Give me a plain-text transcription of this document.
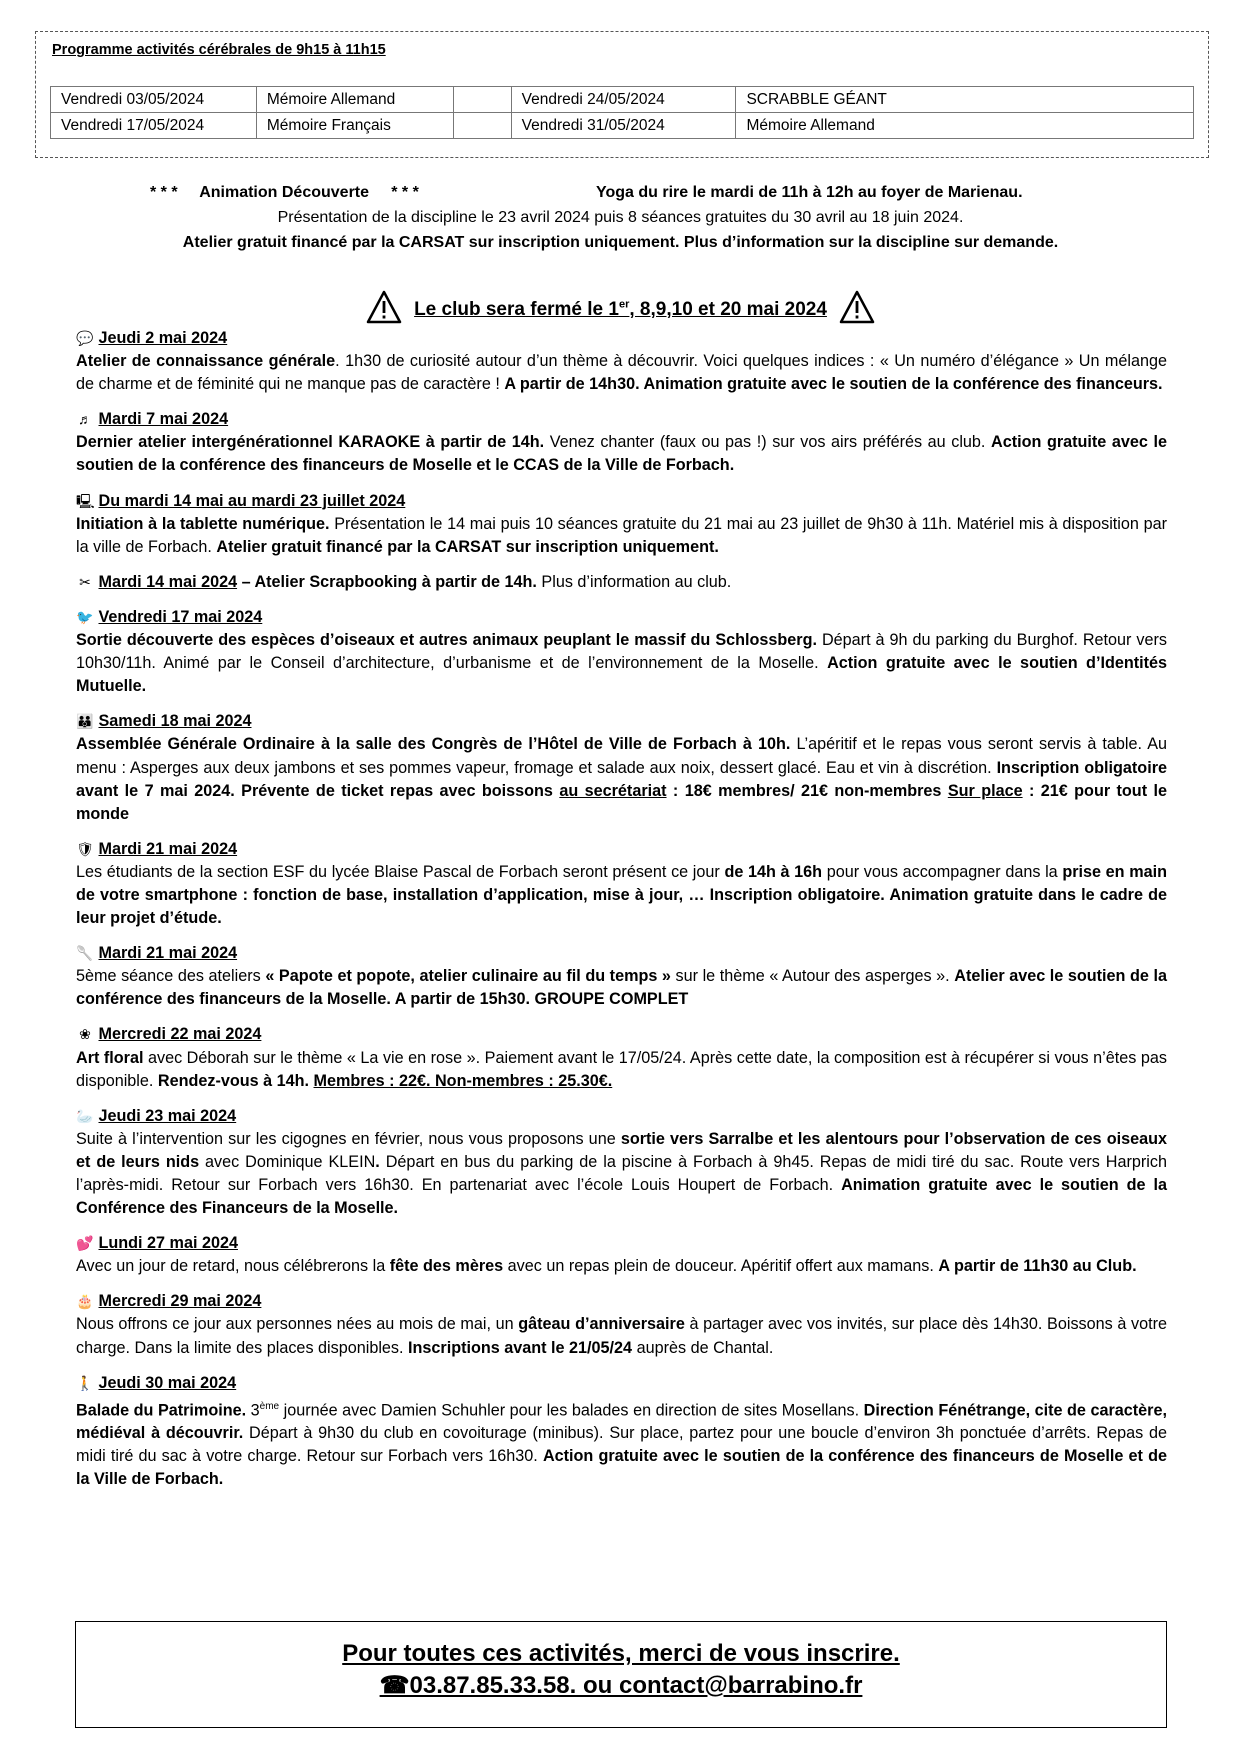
Programme activités cérébrales de 9h15 à 11h15
Vendredi 03/05/2024	Mémoire Allemand		Vendredi 24/05/2024	SCRABBLE GÉANT
Vendredi 17/05/2024	Mémoire Français		Vendredi 31/05/2024	Mémoire Allemand
* * *     Animation Découverte     * * *	Yoga du rire le mardi de 11h à 12h au foyer de Marienau.
Présentation de la discipline le 23 avril 2024 puis 8 séances gratuites du 30 avril au 18 juin 2024.
Atelier gratuit financé par la CARSAT sur inscription uniquement. Plus d’information sur la discipline sur demande.
Le club sera fermé le 1er, 8,9,10 et 20 mai 2024
💬 Jeudi 2 mai 2024
Atelier de connaissance générale. 1h30 de curiosité autour d’un thème à découvrir. Voici quelques indices : « Un numéro d’élégance » Un mélange de charme et de féminité qui ne manque pas de caractère ! A partir de 14h30. Animation gratuite avec le soutien de la conférence des financeurs.
♬ Mardi 7 mai 2024
Dernier atelier intergénérationnel KARAOKE à partir de 14h. Venez chanter (faux ou pas !) sur vos airs préférés au club. Action gratuite avec le soutien de la conférence des financeurs de Moselle et le CCAS de la Ville de Forbach.
🖳 Du mardi 14 mai au mardi 23 juillet 2024
Initiation à la tablette numérique. Présentation le 14 mai puis 10 séances gratuite du 21 mai au 23 juillet de 9h30 à 11h. Matériel mis à disposition par la ville de Forbach. Atelier gratuit financé par la CARSAT sur inscription uniquement.
✂ Mardi 14 mai 2024 – Atelier Scrapbooking à partir de 14h. Plus d’information au club.
🐦 Vendredi 17 mai 2024
Sortie découverte des espèces d’oiseaux et autres animaux peuplant le massif du Schlossberg. Départ à 9h du parking du Burghof. Retour vers 10h30/11h. Animé par le Conseil d’architecture, d’urbanisme et de l’environnement de la Moselle. Action gratuite avec le soutien d’Identités Mutuelle.
👪 Samedi 18 mai 2024
Assemblée Générale Ordinaire à la salle des Congrès de l’Hôtel de Ville de Forbach à 10h. L’apéritif et le repas vous seront servis à table. Au menu : Asperges aux deux jambons et ses pommes vapeur, fromage et salade aux noix, dessert glacé. Eau et vin à discrétion. Inscription obligatoire avant le 7 mai 2024. Prévente de ticket repas avec boissons au secrétariat : 18€ membres/ 21€ non-membres Sur place : 21€ pour tout le monde
🛡 Mardi 21 mai 2024
Les étudiants de la section ESF du lycée Blaise Pascal de Forbach seront présent ce jour de 14h à 16h pour vous accompagner dans la prise en main de votre smartphone : fonction de base, installation d’application, mise à jour, … Inscription obligatoire. Animation gratuite dans le cadre de leur projet d’étude.
🥄 Mardi 21 mai 2024
5ème séance des ateliers « Papote et popote, atelier culinaire au fil du temps » sur le thème « Autour des asperges ». Atelier avec le soutien de la conférence des financeurs de la Moselle. A partir de 15h30. GROUPE COMPLET
❀ Mercredi 22 mai 2024
Art floral avec Déborah sur le thème « La vie en rose ». Paiement avant le 17/05/24. Après cette date, la composition est à récupérer si vous n’êtes pas disponible. Rendez-vous à 14h. Membres : 22€. Non-membres : 25.30€.
🦢 Jeudi 23 mai 2024
Suite à l’intervention sur les cigognes en février, nous vous proposons une sortie vers Sarralbe et les alentours pour l’observation de ces oiseaux et de leurs nids avec Dominique KLEIN. Départ en bus du parking de la piscine à Forbach à 9h45. Repas de midi tiré du sac. Route vers Harprich l’après-midi. Retour sur Forbach vers 16h30. En partenariat avec l’école Louis Houpert de Forbach. Animation gratuite avec le soutien de la Conférence des Financeurs de la Moselle.
💕 Lundi 27 mai 2024
Avec un jour de retard, nous célébrerons la fête des mères avec un repas plein de douceur. Apéritif offert aux mamans. A partir de 11h30 au Club.
🎂 Mercredi 29 mai 2024
Nous offrons ce jour aux personnes nées au mois de mai, un gâteau d’anniversaire à partager avec vos invités, sur place dès 14h30. Boissons à votre charge. Dans la limite des places disponibles. Inscriptions avant le 21/05/24 auprès de Chantal.
🚶 Jeudi 30 mai 2024
Balade du Patrimoine. 3ème journée avec Damien Schuhler pour les balades en direction de sites Mosellans. Direction Fénétrange, cite de caractère, médiéval à découvrir. Départ à 9h30 du club en covoiturage (minibus). Sur place, partez pour une boucle d’environ 3h ponctuée d’arrêts. Repas de midi tiré du sac à votre charge. Retour sur Forbach vers 16h30. Action gratuite avec le soutien de la conférence des financeurs de Moselle et de la Ville de Forbach.
Pour toutes ces activités, merci de vous inscrire.
☎03.87.85.33.58. ou contact@barrabino.fr
